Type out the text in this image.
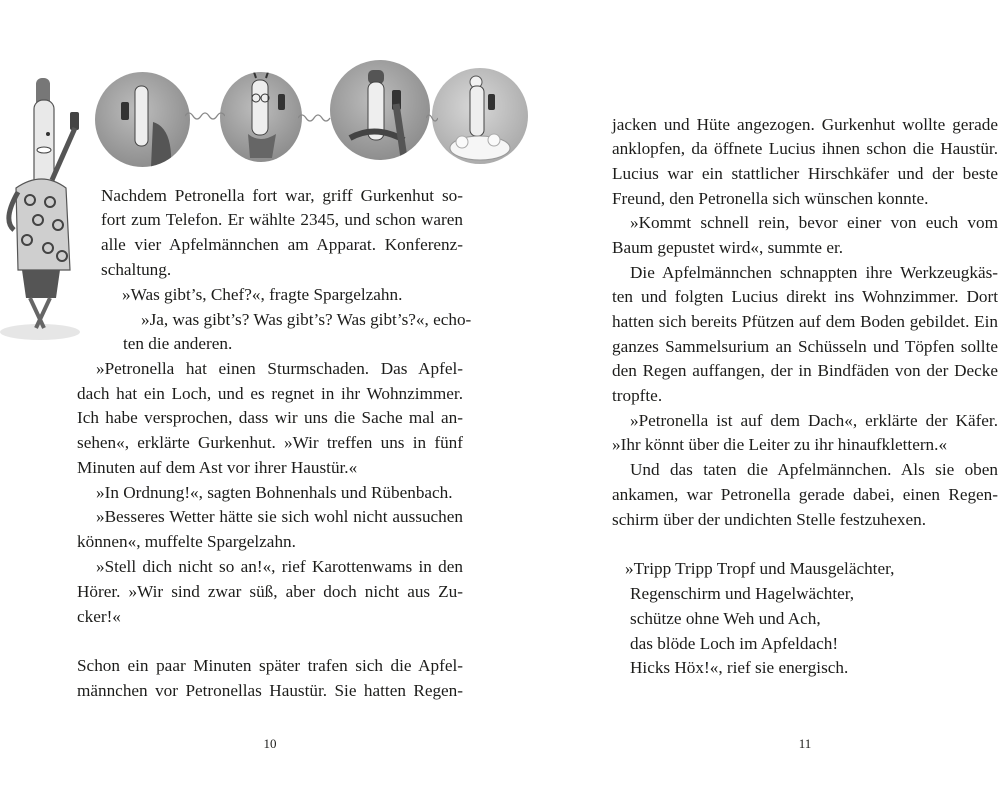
Nachdem Petronella fort war, griff Gurkenhut so-
fort zum Telefon. Er wählte 2345, und schon waren
alle vier Apfelmännchen am Apparat. Konferenz-
schaltung.
»Was gibt’s, Chef?«, fragte Spargelzahn.
»Ja, was gibt’s? Was gibt’s? Was gibt’s?«, echo-
ten die anderen.
»Petronella hat einen Sturmschaden. Das Apfel-
dach hat ein Loch, und es regnet in ihr Wohnzimmer.
Ich habe versprochen, dass wir uns die Sache mal an-
sehen«, erklärte Gurkenhut. »Wir treffen uns in fünf
Minuten auf dem Ast vor ihrer Haustür.«
»In Ordnung!«, sagten Bohnenhals und Rübenbach.
»Besseres Wetter hätte sie sich wohl nicht aussuchen
können«, muffelte Spargelzahn.
»Stell dich nicht so an!«, rief Karottenwams in den
Hörer. »Wir sind zwar süß, aber doch nicht aus Zu-
cker!«
Schon ein paar Minuten später trafen sich die Apfel-
männchen vor Petronellas Haustür. Sie hatten Regen-
10
jacken und Hüte angezogen. Gurkenhut wollte gerade
anklopfen, da öffnete Lucius ihnen schon die Haustür.
Lucius war ein stattlicher Hirschkäfer und der beste
Freund, den Petronella sich wünschen konnte.
»Kommt schnell rein, bevor einer von euch vom
Baum gepustet wird«, summte er.
Die Apfelmännchen schnappten ihre Werkzeugkäs-
ten und folgten Lucius direkt ins Wohnzimmer. Dort
hatten sich bereits Pfützen auf dem Boden gebildet. Ein
ganzes Sammelsurium an Schüsseln und Töpfen sollte
den Regen auffangen, der in Bindfäden von der Decke
tropfte.
»Petronella ist auf dem Dach«, erklärte der Käfer.
»Ihr könnt über die Leiter zu ihr hinaufklettern.«
Und das taten die Apfelmännchen. Als sie oben
ankamen, war Petronella gerade dabei, einen Regen-
schirm über der undichten Stelle festzuhexen.
»Tripp Tripp Tropf und Mausgelächter,
Regenschirm und Hagelwächter,
schütze ohne Weh und Ach,
das blöde Loch im Apfeldach!
Hicks Höx!«, rief sie energisch.
11
